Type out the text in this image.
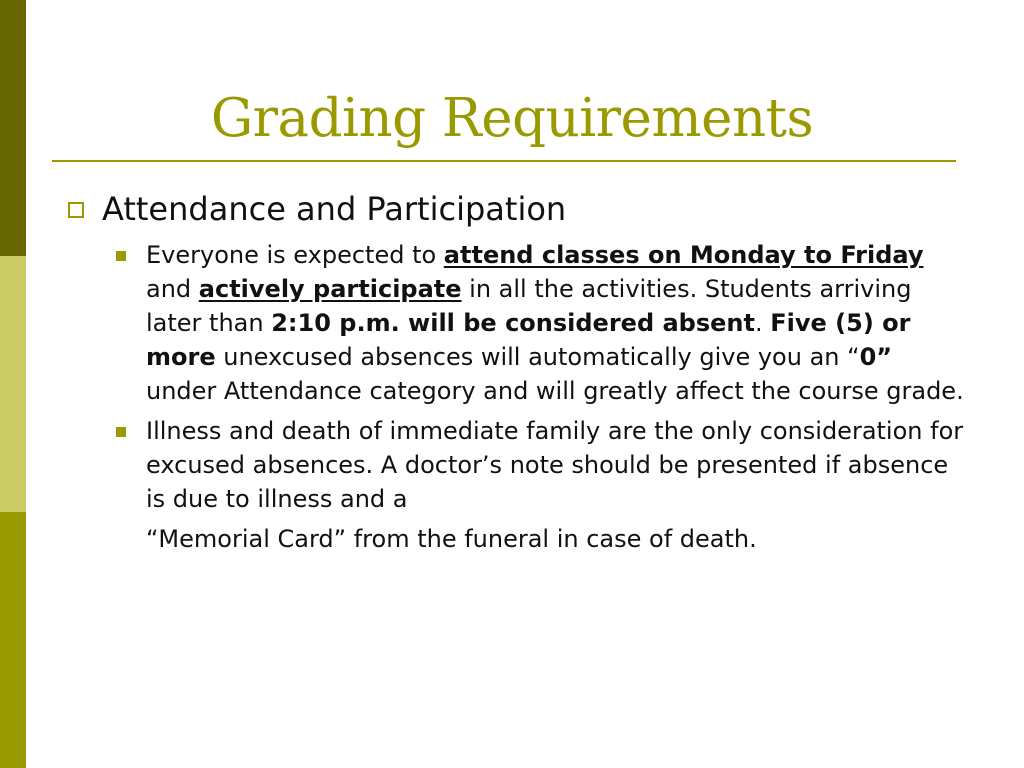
Grading Requirements
Attendance and Participation
Everyone is expected to attend classes on Monday to Friday and actively participate in all the activities. Students arriving later than 2:10 p.m. will be considered absent. Five (5) or more unexcused absences will automatically give you an “0” under Attendance category and will greatly affect the course grade.
Illness and death of immediate family are the only consideration for excused absences. A doctor’s note should be presented if absence is due to illness and a “Memorial Card” from the funeral in case of death.
